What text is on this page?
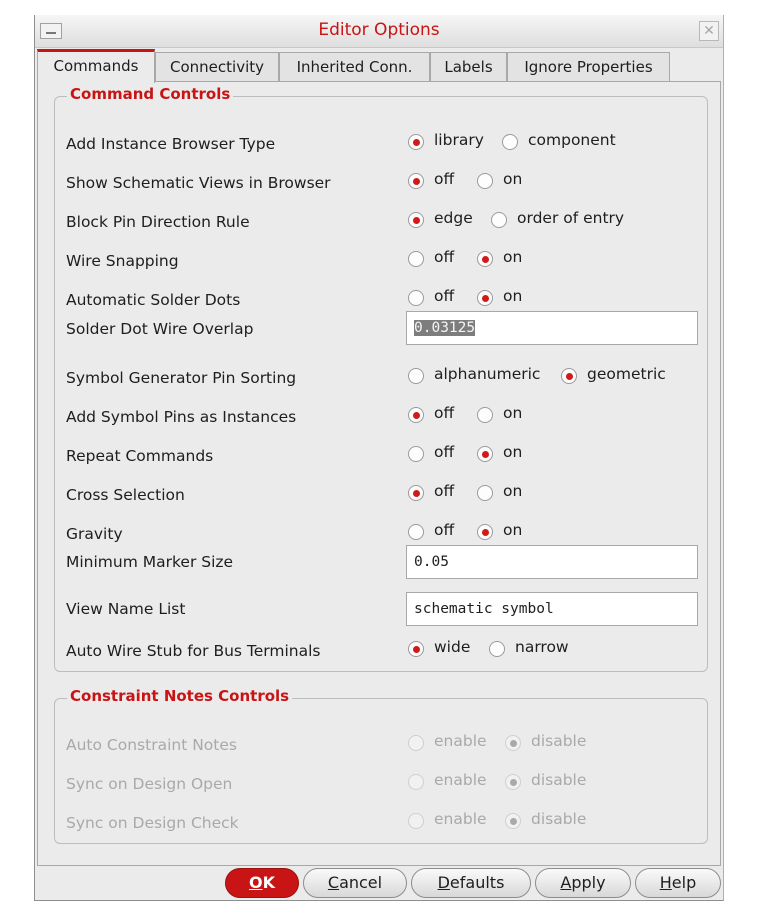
Editor Options	✕
Commands	Connectivity	Inherited Conn.	Labels	Ignore Properties
Command Controls
Add Instance Browser Type	library	component
Show Schematic Views in Browser	off	on
Block Pin Direction Rule	edge	order of entry
Wire Snapping	off	on
Automatic Solder Dots	off	on
Solder Dot Wire Overlap	0.03125
Symbol Generator Pin Sorting	alphanumeric	geometric
Add Symbol Pins as Instances	off	on
Repeat Commands	off	on
Cross Selection	off	on
Gravity	off	on
Minimum Marker Size	0.05
View Name List	schematic symbol
Auto Wire Stub for Bus Terminals	wide	narrow
Constraint Notes Controls
Auto Constraint Notes	enable	disable
Sync on Design Open	enable	disable
Sync on Design Check	enable	disable
OK	Cancel	Defaults	Apply	Help
